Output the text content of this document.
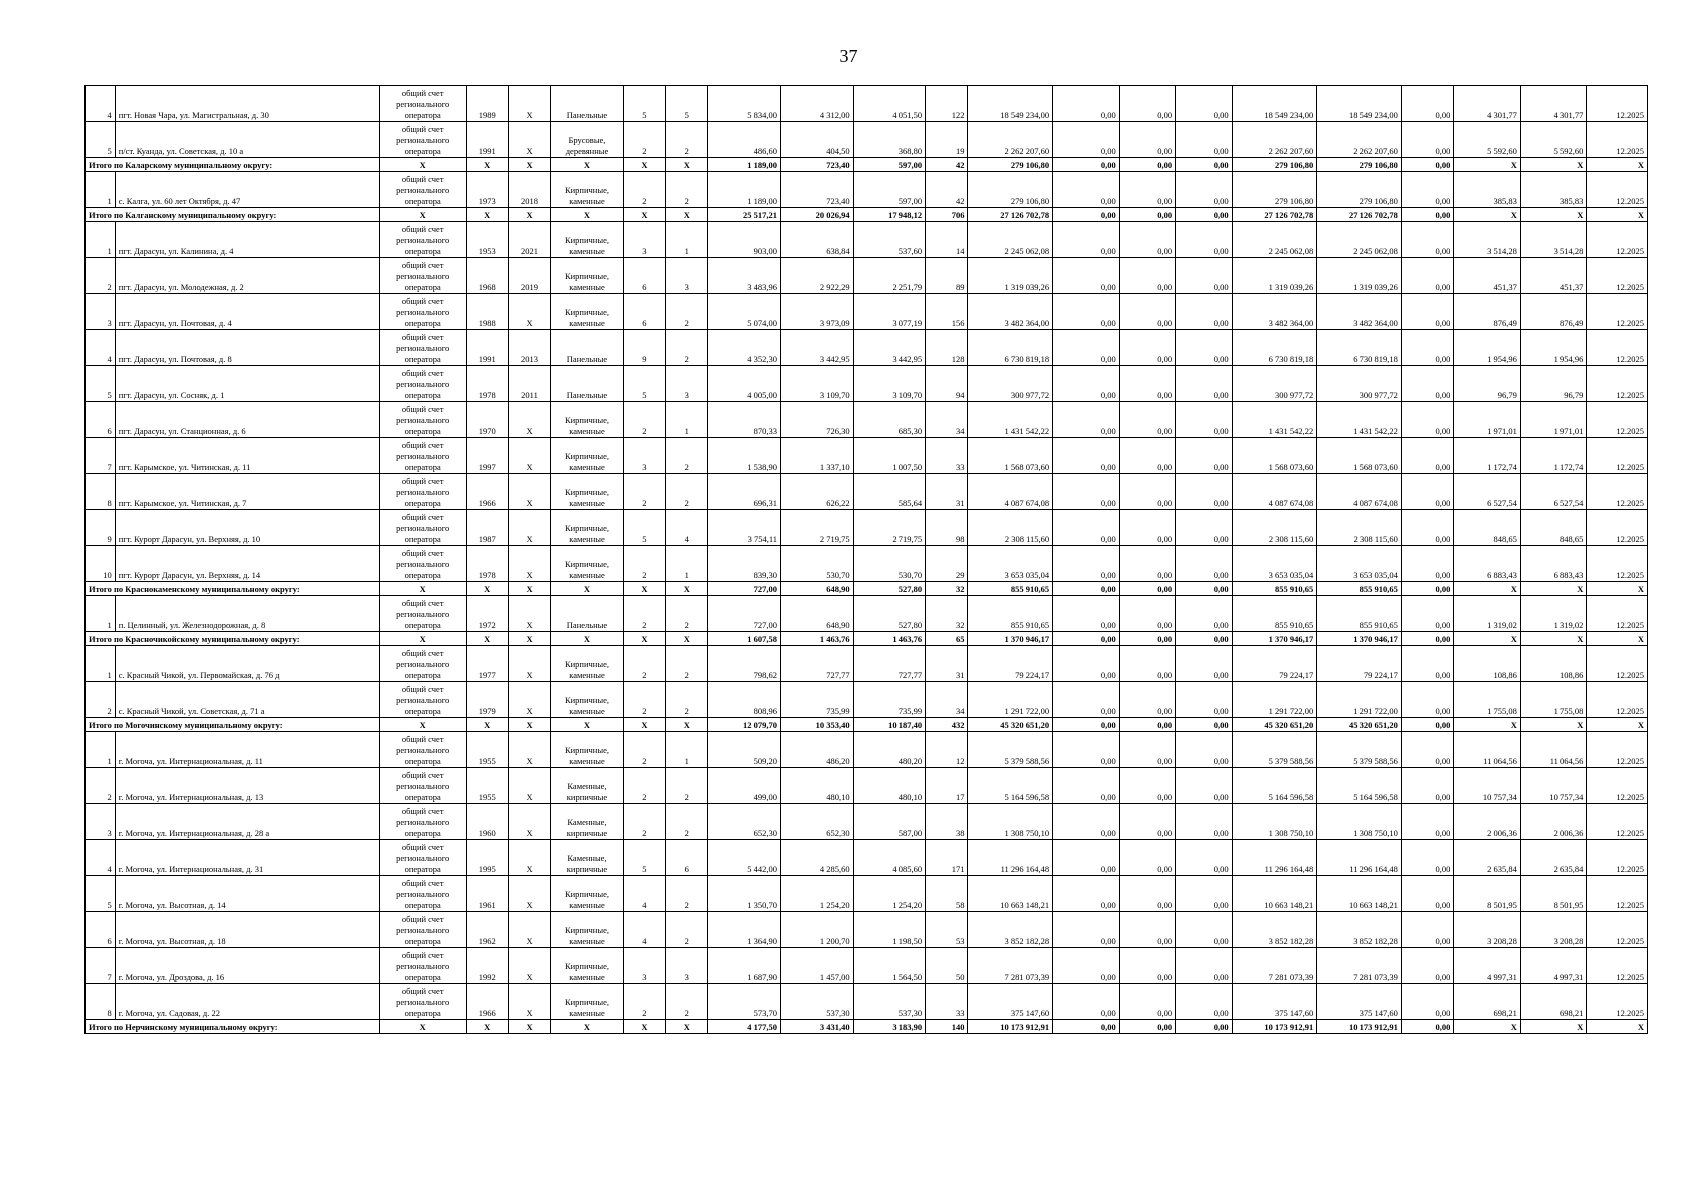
37
4	пгт. Новая Чара, ул. Магистральная, д. 30	общий счет регионального оператора	1989	X	Панельные	5	5	5 834,00	4 312,00	4 051,50	122	18 549 234,00	0,00	0,00	0,00	18 549 234,00	18 549 234,00	0,00	4 301,77	4 301,77	12.2025
5	п/ст. Куанда, ул. Советская, д. 10 а	общий счет регионального оператора	1991	X	Брусовые, деревянные	2	2	486,60	404,50	368,80	19	2 262 207,60	0,00	0,00	0,00	2 262 207,60	2 262 207,60	0,00	5 592,60	5 592,60	12.2025
Итого по Каларскому муниципальному округу:		X	X	X	X	X	X	1 189,00	723,40	597,00	42	279 106,80	0,00	0,00	0,00	279 106,80	279 106,80	0,00	X	X	X
1	с. Калга, ул. 60 лет Октября, д. 47	общий счет регионального оператора	1973	2018	Кирпичные, каменные	2	2	1 189,00	723,40	597,00	42	279 106,80	0,00	0,00	0,00	279 106,80	279 106,80	0,00	385,83	385,83	12.2025
Итого по Калганскому муниципальному округу:		X	X	X	X	X	X	25 517,21	20 026,94	17 948,12	706	27 126 702,78	0,00	0,00	0,00	27 126 702,78	27 126 702,78	0,00	X	X	X
1	пгт. Дарасун, ул. Калинина, д. 4	общий счет регионального оператора	1953	2021	Кирпичные, каменные	3	1	903,00	638,84	537,60	14	2 245 062,08	0,00	0,00	0,00	2 245 062,08	2 245 062,08	0,00	3 514,28	3 514,28	12.2025
2	пгт. Дарасун, ул. Молодежная, д. 2	общий счет регионального оператора	1968	2019	Кирпичные, каменные	6	3	3 483,96	2 922,29	2 251,79	89	1 319 039,26	0,00	0,00	0,00	1 319 039,26	1 319 039,26	0,00	451,37	451,37	12.2025
3	пгт. Дарасун, ул. Почтовая, д. 4	общий счет регионального оператора	1988	X	Кирпичные, каменные	6	2	5 074,00	3 973,09	3 077,19	156	3 482 364,00	0,00	0,00	0,00	3 482 364,00	3 482 364,00	0,00	876,49	876,49	12.2025
4	пгт. Дарасун, ул. Почтовая, д. 8	общий счет регионального оператора	1991	2013	Панельные	9	2	4 352,30	3 442,95	3 442,95	128	6 730 819,18	0,00	0,00	0,00	6 730 819,18	6 730 819,18	0,00	1 954,96	1 954,96	12.2025
5	пгт. Дарасун, ул. Сосняк, д. 1	общий счет регионального оператора	1978	2011	Панельные	5	3	4 005,00	3 109,70	3 109,70	94	300 977,72	0,00	0,00	0,00	300 977,72	300 977,72	0,00	96,79	96,79	12.2025
6	пгт. Дарасун, ул. Станционная, д. 6	общий счет регионального оператора	1970	X	Кирпичные, каменные	2	1	870,33	726,30	685,30	34	1 431 542,22	0,00	0,00	0,00	1 431 542,22	1 431 542,22	0,00	1 971,01	1 971,01	12.2025
7	пгт. Карымское, ул. Читинская, д. 11	общий счет регионального оператора	1997	X	Кирпичные, каменные	3	2	1 538,90	1 337,10	1 007,50	33	1 568 073,60	0,00	0,00	0,00	1 568 073,60	1 568 073,60	0,00	1 172,74	1 172,74	12.2025
8	пгт. Карымское, ул. Читинская, д. 7	общий счет регионального оператора	1966	X	Кирпичные, каменные	2	2	696,31	626,22	585,64	31	4 087 674,08	0,00	0,00	0,00	4 087 674,08	4 087 674,08	0,00	6 527,54	6 527,54	12.2025
9	пгт. Курорт Дарасун, ул. Верхняя, д. 10	общий счет регионального оператора	1987	X	Кирпичные, каменные	5	4	3 754,11	2 719,75	2 719,75	98	2 308 115,60	0,00	0,00	0,00	2 308 115,60	2 308 115,60	0,00	848,65	848,65	12.2025
10	пгт. Курорт Дарасун, ул. Верхняя, д. 14	общий счет регионального оператора	1978	X	Кирпичные, каменные	2	1	839,30	530,70	530,70	29	3 653 035,04	0,00	0,00	0,00	3 653 035,04	3 653 035,04	0,00	6 883,43	6 883,43	12.2025
Итого по Краснокаменскому муниципальному округу:		X	X	X	X	X	X	727,00	648,90	527,80	32	855 910,65	0,00	0,00	0,00	855 910,65	855 910,65	0,00	X	X	X
1	п. Целинный, ул. Железнодорожная, д. 8	общий счет регионального оператора	1972	X	Панельные	2	2	727,00	648,90	527,80	32	855 910,65	0,00	0,00	0,00	855 910,65	855 910,65	0,00	1 319,02	1 319,02	12.2025
Итого по Красночикойскому муниципальному округу:		X	X	X	X	X	X	1 607,58	1 463,76	1 463,76	65	1 370 946,17	0,00	0,00	0,00	1 370 946,17	1 370 946,17	0,00	X	X	X
1	с. Красный Чикой, ул. Первомайская, д. 76 д	общий счет регионального оператора	1977	X	Кирпичные, каменные	2	2	798,62	727,77	727,77	31	79 224,17	0,00	0,00	0,00	79 224,17	79 224,17	0,00	108,86	108,86	12.2025
2	с. Красный Чикой, ул. Советская, д. 71 а	общий счет регионального оператора	1979	X	Кирпичные, каменные	2	2	808,96	735,99	735,99	34	1 291 722,00	0,00	0,00	0,00	1 291 722,00	1 291 722,00	0,00	1 755,08	1 755,08	12.2025
Итого по Могочинскому муниципальному округу:		X	X	X	X	X	X	12 079,70	10 353,40	10 187,40	432	45 320 651,20	0,00	0,00	0,00	45 320 651,20	45 320 651,20	0,00	X	X	X
1	г. Могоча, ул. Интернациональная, д. 11	общий счет регионального оператора	1955	X	Кирпичные, каменные	2	1	509,20	486,20	480,20	12	5 379 588,56	0,00	0,00	0,00	5 379 588,56	5 379 588,56	0,00	11 064,56	11 064,56	12.2025
2	г. Могоча, ул. Интернациональная, д. 13	общий счет регионального оператора	1955	X	Каменные, кирпичные	2	2	499,00	480,10	480,10	17	5 164 596,58	0,00	0,00	0,00	5 164 596,58	5 164 596,58	0,00	10 757,34	10 757,34	12.2025
3	г. Могоча, ул. Интернациональная, д. 28 а	общий счет регионального оператора	1960	X	Каменные, кирпичные	2	2	652,30	652,30	587,00	38	1 308 750,10	0,00	0,00	0,00	1 308 750,10	1 308 750,10	0,00	2 006,36	2 006,36	12.2025
4	г. Могоча, ул. Интернациональная, д. 31	общий счет регионального оператора	1995	X	Каменные, кирпичные	5	6	5 442,00	4 285,60	4 085,60	171	11 296 164,48	0,00	0,00	0,00	11 296 164,48	11 296 164,48	0,00	2 635,84	2 635,84	12.2025
5	г. Могоча, ул. Высотная, д. 14	общий счет регионального оператора	1961	X	Кирпичные, каменные	4	2	1 350,70	1 254,20	1 254,20	58	10 663 148,21	0,00	0,00	0,00	10 663 148,21	10 663 148,21	0,00	8 501,95	8 501,95	12.2025
6	г. Могоча, ул. Высотная, д. 18	общий счет регионального оператора	1962	X	Кирпичные, каменные	4	2	1 364,90	1 200,70	1 198,50	53	3 852 182,28	0,00	0,00	0,00	3 852 182,28	3 852 182,28	0,00	3 208,28	3 208,28	12.2025
7	г. Могоча, ул. Дроздова, д. 16	общий счет регионального оператора	1992	X	Кирпичные, каменные	3	3	1 687,90	1 457,00	1 564,50	50	7 281 073,39	0,00	0,00	0,00	7 281 073,39	7 281 073,39	0,00	4 997,31	4 997,31	12.2025
8	г. Могоча, ул. Садовая, д. 22	общий счет регионального оператора	1966	X	Кирпичные, каменные	2	2	573,70	537,30	537,30	33	375 147,60	0,00	0,00	0,00	375 147,60	375 147,60	0,00	698,21	698,21	12.2025
Итого по Нерчинскому муниципальному округу:		X	X	X	X	X	X	4 177,50	3 431,40	3 183,90	140	10 173 912,91	0,00	0,00	0,00	10 173 912,91	10 173 912,91	0,00	X	X	X
